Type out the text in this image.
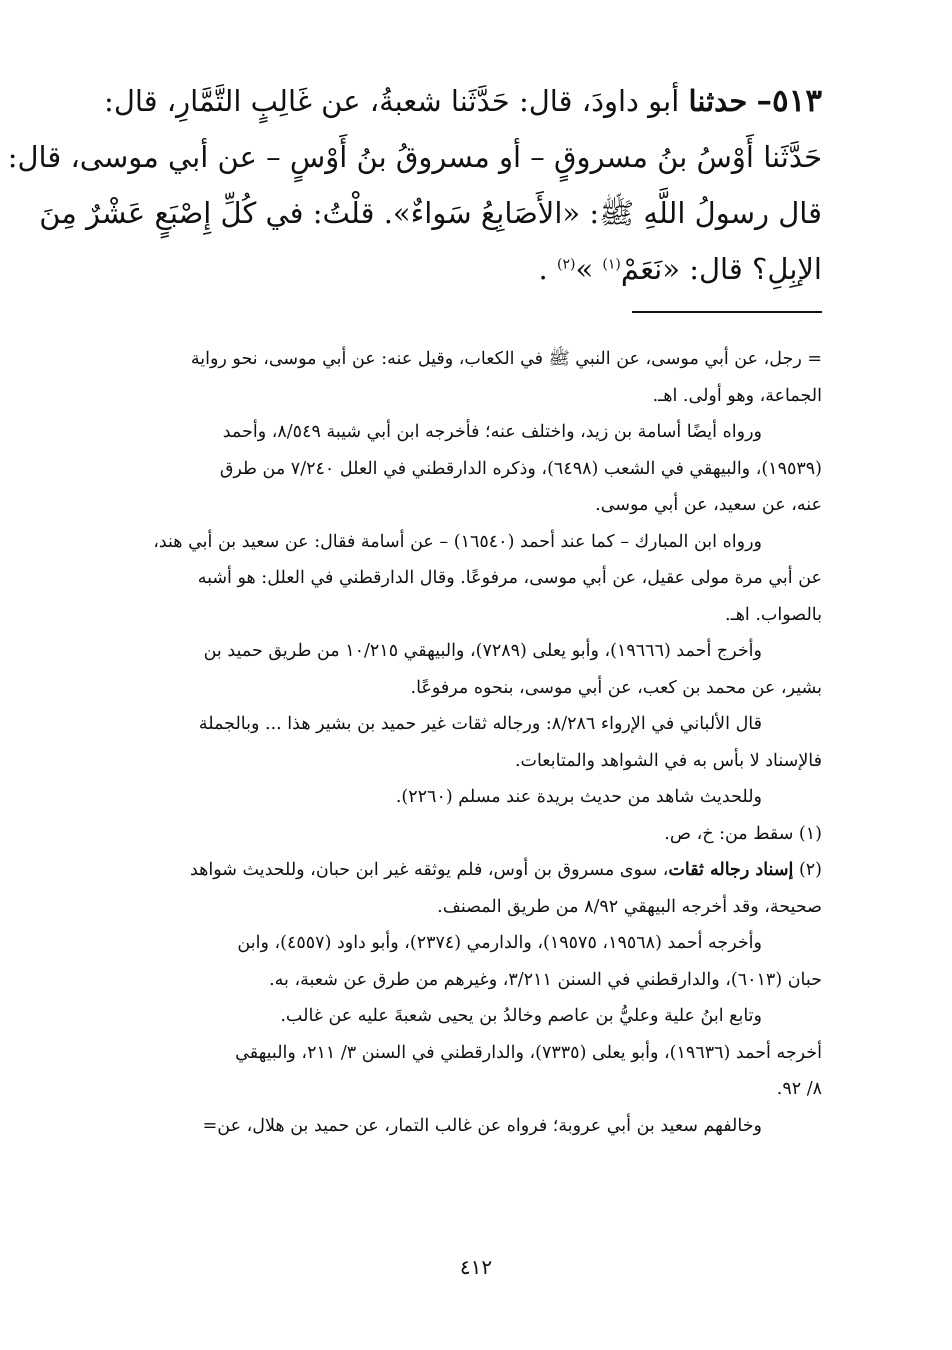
٥١٣– حدثنا أبو داودَ، قال: حَدَّثَنا شعبةُ، عن غَالِبٍ التَّمَّارِ، قال:
حَدَّثَنا أَوْسُ بنُ مسروقٍ – أو مسروقُ بنُ أَوْسٍ – عن أبي موسى، قال:
قال رسولُ اللَّهِ ﷺ: «الأَصَابِعُ سَواءٌ». قلْتُ: في كُلِّ إِصْبَعٍ عَشْرٌ مِنَ
الإبِلِ؟ قال: «نَعَمْ$^{(١)}$ »$^{(٢)}$ .
= رجل، عن أبي موسى، عن النبي ﷺ في الكعاب، وقيل عنه: عن أبي موسى، نحو رواية
الجماعة، وهو أولى. اهـ.
ورواه أيضًا أسامة بن زيد، واختلف عنه؛ فأخرجه ابن أبي شيبة ٨/٥٤٩، وأحمد
(١٩٥٣٩)، والبيهقي في الشعب (٦٤٩٨)، وذكره الدارقطني في العلل ٧/٢٤٠ من طرق
عنه، عن سعيد، عن أبي موسى.
ورواه ابن المبارك – كما عند أحمد (١٦٥٤٠) – عن أسامة فقال: عن سعيد بن أبي هند،
عن أبي مرة مولى عقيل، عن أبي موسى، مرفوعًا. وقال الدارقطني في العلل: هو أشبه
بالصواب. اهـ.
وأخرج أحمد (١٩٦٦٦)، وأبو يعلى (٧٢٨٩)، والبيهقي ١٠/٢١٥ من طريق حميد بن
بشير، عن محمد بن كعب، عن أبي موسى، بنحوه مرفوعًا.
قال الألباني في الإرواء ٨/٢٨٦: ورجاله ثقات غير حميد بن بشير هذا ... وبالجملة
فالإسناد لا بأس به في الشواهد والمتابعات.
وللحديث شاهد من حديث بريدة عند مسلم (٢٢٦٠).
(١) سقط من: خ، ص.
(٢) إسناد رجاله ثقات، سوى مسروق بن أوس، فلم يوثقه غير ابن حبان، وللحديث شواهد
صحيحة، وقد أخرجه البيهقي ٨/٩٢ من طريق المصنف.
وأخرجه أحمد (١٩٥٦٨، ١٩٥٧٥)، والدارمي (٢٣٧٤)، وأبو داود (٤٥٥٧)، وابن
حبان (٦٠١٣)، والدارقطني في السنن ٣/٢١١، وغيرهم من طرق عن شعبة، به.
وتابع ابنُ علية وعليُّ بن عاصم وخالدُ بن يحيى شعبةَ عليه عن غالب.
أخرجه أحمد (١٩٦٣٦)، وأبو يعلى (٧٣٣٥)، والدارقطني في السنن ٣/ ٢١١، والبيهقي
٨/ ٩٢.
وخالفهم سعيد بن أبي عروبة؛ فرواه عن غالب التمار، عن حميد بن هلال، عن=
٤١٢
